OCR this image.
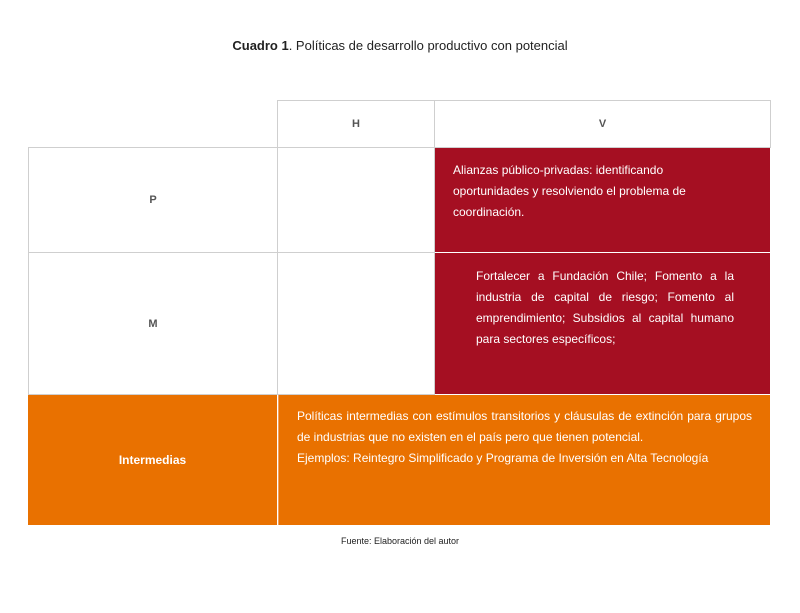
Cuadro 1. Políticas de desarrollo productivo con potencial
H	V
P
Alianzas público-privadas: identificando oportunidades y resolviendo el problema de coordinación.
M
Fortalecer a Fundación Chile; Fomento a la industria de capital de riesgo; Fomento al emprendimiento; Subsidios al capital humano para sectores específicos;
Intermedias
Políticas intermedias con estímulos transitorios y cláusulas de extinción para grupos de industrias que no existen en el país pero que tienen potencial.
Ejemplos: Reintegro Simplificado y Programa de Inversión en Alta Tecnología
Fuente: Elaboración del autor
